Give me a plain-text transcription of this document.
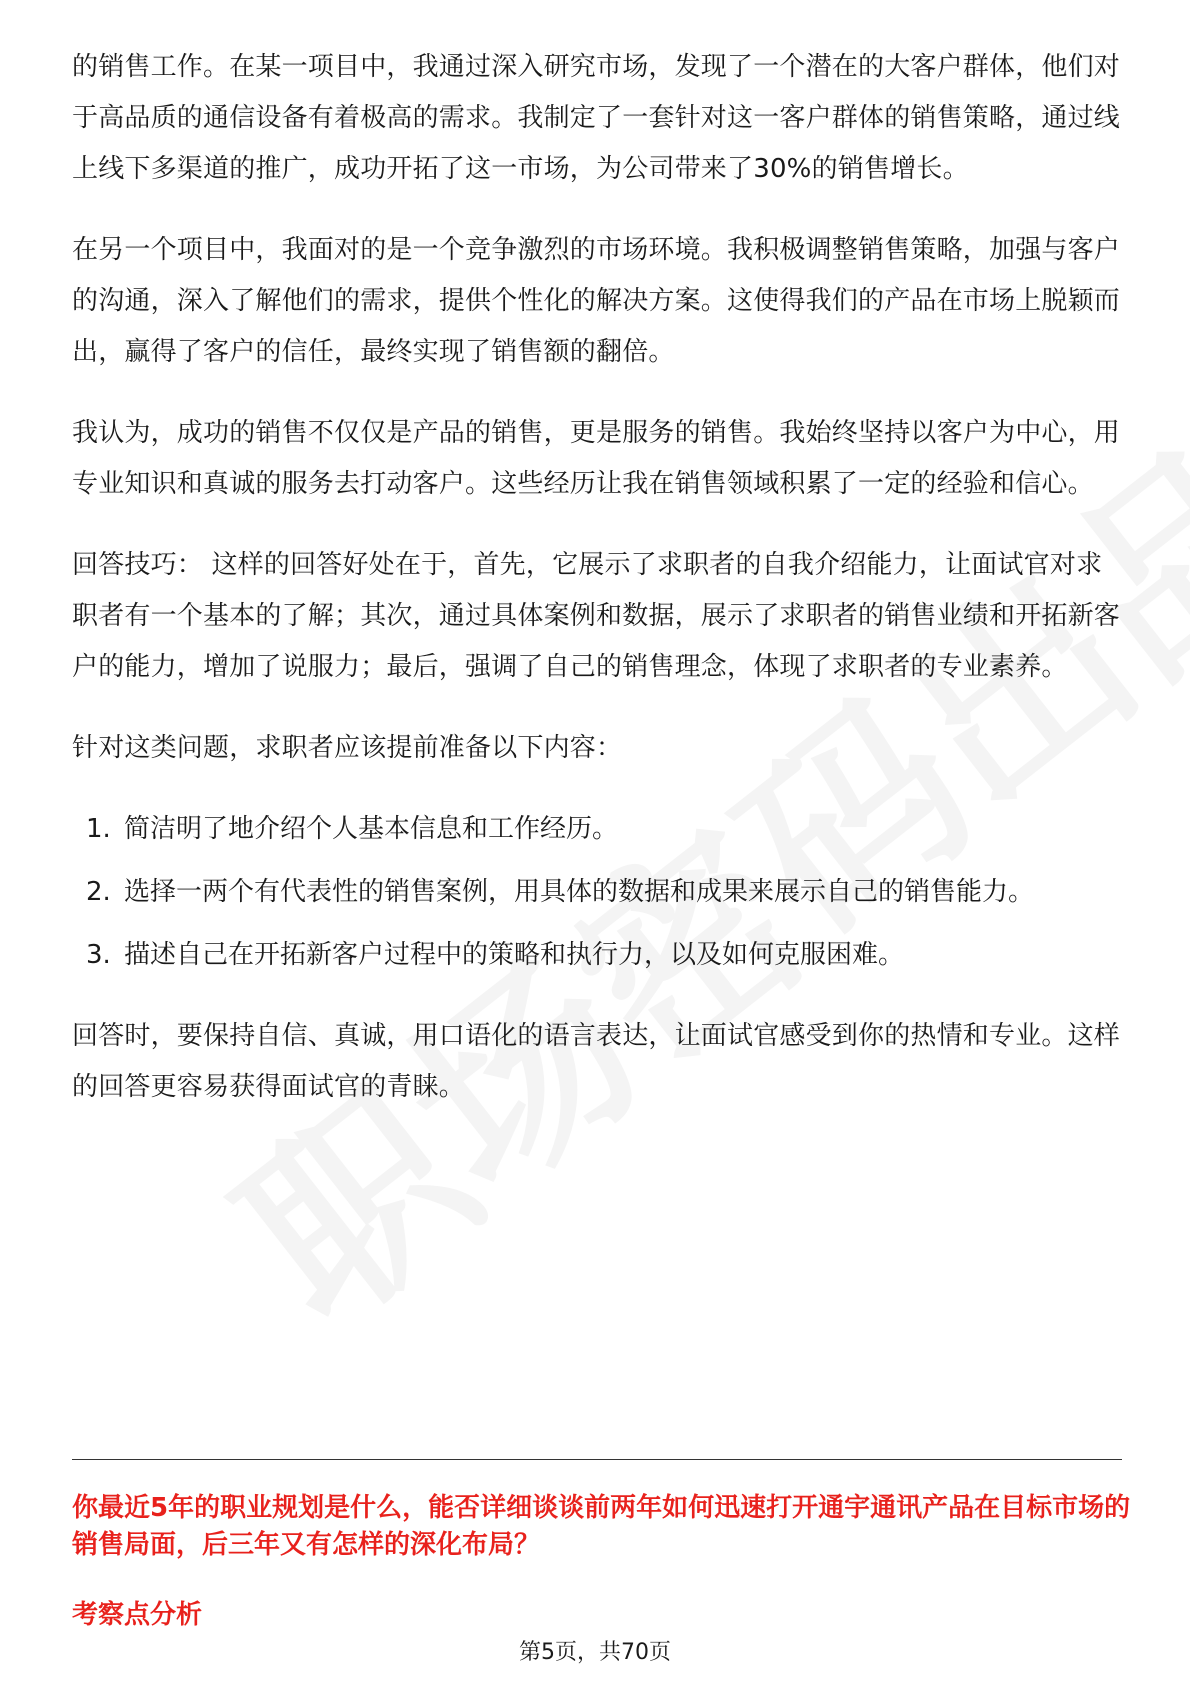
的销售工作。在某一项目中，我通过深入研究市场，发现了一个潜在的大客户群体，他们对于高品质的通信设备有着极高的需求。我制定了一套针对这一客户群体的销售策略，通过线上线下多渠道的推广，成功开拓了这一市场，为公司带来了30%的销售增长。

在另一个项目中，我面对的是一个竞争激烈的市场环境。我积极调整销售策略，加强与客户的沟通，深入了解他们的需求，提供个性化的解决方案。这使得我们的产品在市场上脱颖而出，赢得了客户的信任，最终实现了销售额的翻倍。

我认为，成功的销售不仅仅是产品的销售，更是服务的销售。我始终坚持以客户为中心，用专业知识和真诚的服务去打动客户。这些经历让我在销售领域积累了一定的经验和信心。

回答技巧： 这样的回答好处在于，首先，它展示了求职者的自我介绍能力，让面试官对求职者有一个基本的了解；其次，通过具体案例和数据，展示了求职者的销售业绩和开拓新客户的能力，增加了说服力；最后，强调了自己的销售理念，体现了求职者的专业素养。

针对这类问题，求职者应该提前准备以下内容：

1. 简洁明了地介绍个人基本信息和工作经历。
2. 选择一两个有代表性的销售案例，用具体的数据和成果来展示自己的销售能力。
3. 描述自己在开拓新客户过程中的策略和执行力，以及如何克服困难。

回答时，要保持自信、真诚，用口语化的语言表达，让面试官感受到你的热情和专业。这样的回答更容易获得面试官的青睐。

你最近5年的职业规划是什么，能否详细谈谈前两年如何迅速打开通宇通讯产品在目标市场的销售局面，后三年又有怎样的深化布局？
考察点分析
第5页，共70页
